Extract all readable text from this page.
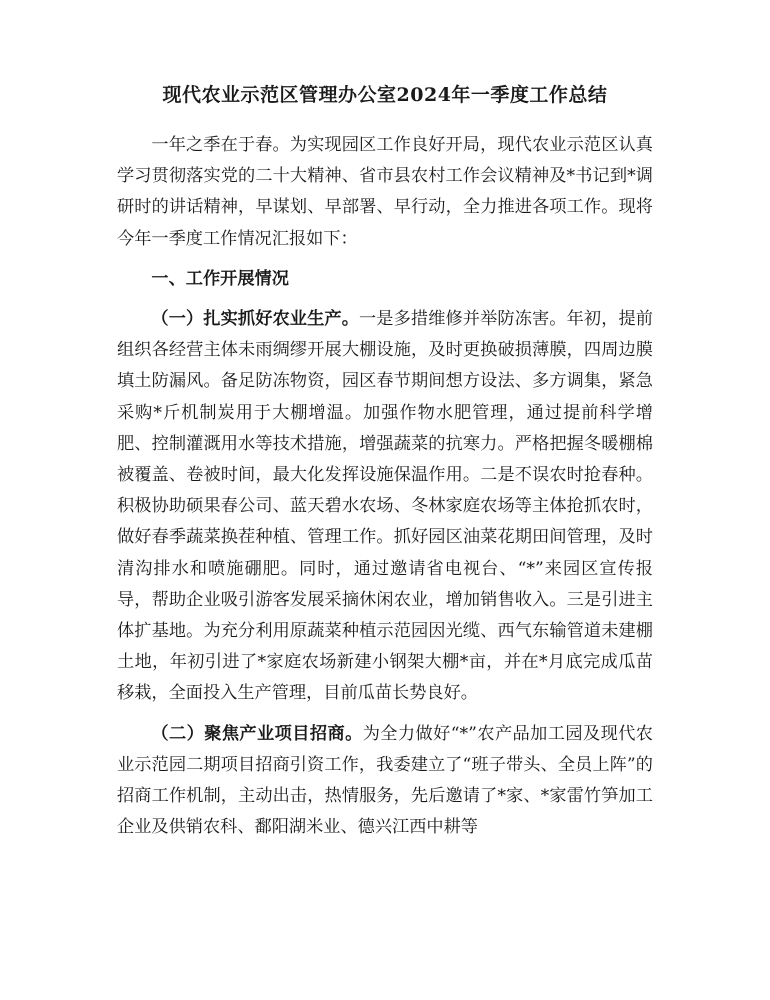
现代农业示范区管理办公室2024年一季度工作总结

一年之季在于春。为实现园区工作良好开局，现代农业示范区认真学习贯彻落实党的二十大精神、省市县农村工作会议精神及*书记到*调研时的讲话精神，早谋划、早部署、早行动，全力推进各项工作。现将今年一季度工作情况汇报如下：

一、工作开展情况

（一）扎实抓好农业生产。一是多措维修并举防冻害。年初，提前组织各经营主体未雨绸缪开展大棚设施，及时更换破损薄膜，四周边膜填土防漏风。备足防冻物资，园区春节期间想方设法、多方调集，紧急采购*斤机制炭用于大棚增温。加强作物水肥管理，通过提前科学增肥、控制灌溉用水等技术措施，增强蔬菜的抗寒力。严格把握冬暖棚棉被覆盖、卷被时间，最大化发挥设施保温作用。二是不误农时抢春种。积极协助硕果春公司、蓝天碧水农场、冬林家庭农场等主体抢抓农时，做好春季蔬菜换茬种植、管理工作。抓好园区油菜花期田间管理，及时清沟排水和喷施硼肥。同时，通过邀请省电视台、“*”来园区宣传报导，帮助企业吸引游客发展采摘休闲农业，增加销售收入。三是引进主体扩基地。为充分利用原蔬菜种植示范园因光缆、西气东输管道未建棚土地，年初引进了*家庭农场新建小钢架大棚*亩，并在*月底完成瓜苗移栽，全面投入生产管理，目前瓜苗长势良好。

（二）聚焦产业项目招商。为全力做好“*”农产品加工园及现代农业示范园二期项目招商引资工作，我委建立了“班子带头、全员上阵”的招商工作机制，主动出击，热情服务，先后邀请了*家、*家雷竹笋加工企业及供销农科、鄱阳湖米业、德兴江西中耕等
